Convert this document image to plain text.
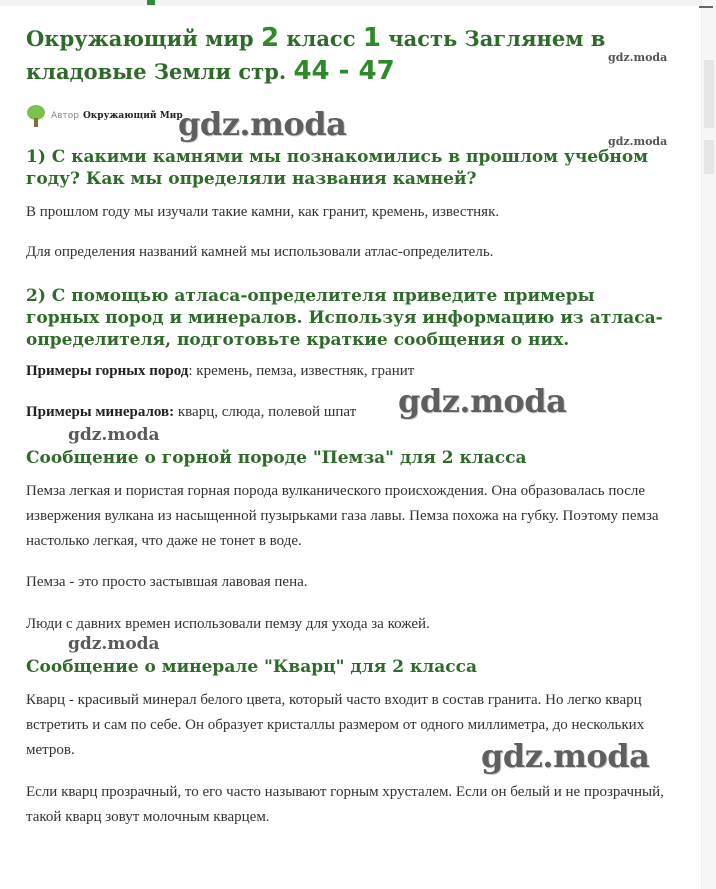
Окружающий мир 2 класс 1 часть Заглянем в кладовые Земли стр. 44 - 47
Автор Окружающий Мир
1) С какими камнями мы познакомились в прошлом учебном году? Как мы определяли названия камней?

В прошлом году мы изучали такие камни, как гранит, кремень, известняк.

Для определения названий камней мы использовали атлас-определитель.

2) С помощью атласа-определителя приведите примеры горных пород и минералов. Используя информацию из атласа-определителя, подготовьте краткие сообщения о них.

Примеры горных пород: кремень, пемза, известняк, гранит

Примеры минералов: кварц, слюда, полевой шпат

Сообщение о горной породе "Пемза" для 2 класса

Пемза легкая и пористая горная порода вулканического происхождения. Она образовалась после извержения вулкана из насыщенной пузырьками газа лавы. Пемза похожа на губку. Поэтому пемза настолько легкая, что даже не тонет в воде.

Пемза - это просто застывшая лавовая пена.

Люди с давних времен использовали пемзу для ухода за кожей.

Сообщение о минерале "Кварц" для 2 класса

Кварц - красивый минерал белого цвета, который часто входит в состав гранита. Но легко кварц встретить и сам по себе. Он образует кристаллы размером от одного миллиметра, до нескольких метров.

Если кварц прозрачный, то его часто называют горным хрусталем. Если он белый и не прозрачный, такой кварц зовут молочным кварцем.

gdz.moda
gdz.moda	gdz.moda
gdz.moda
gdz.moda
gdz.moda
gdz.moda
